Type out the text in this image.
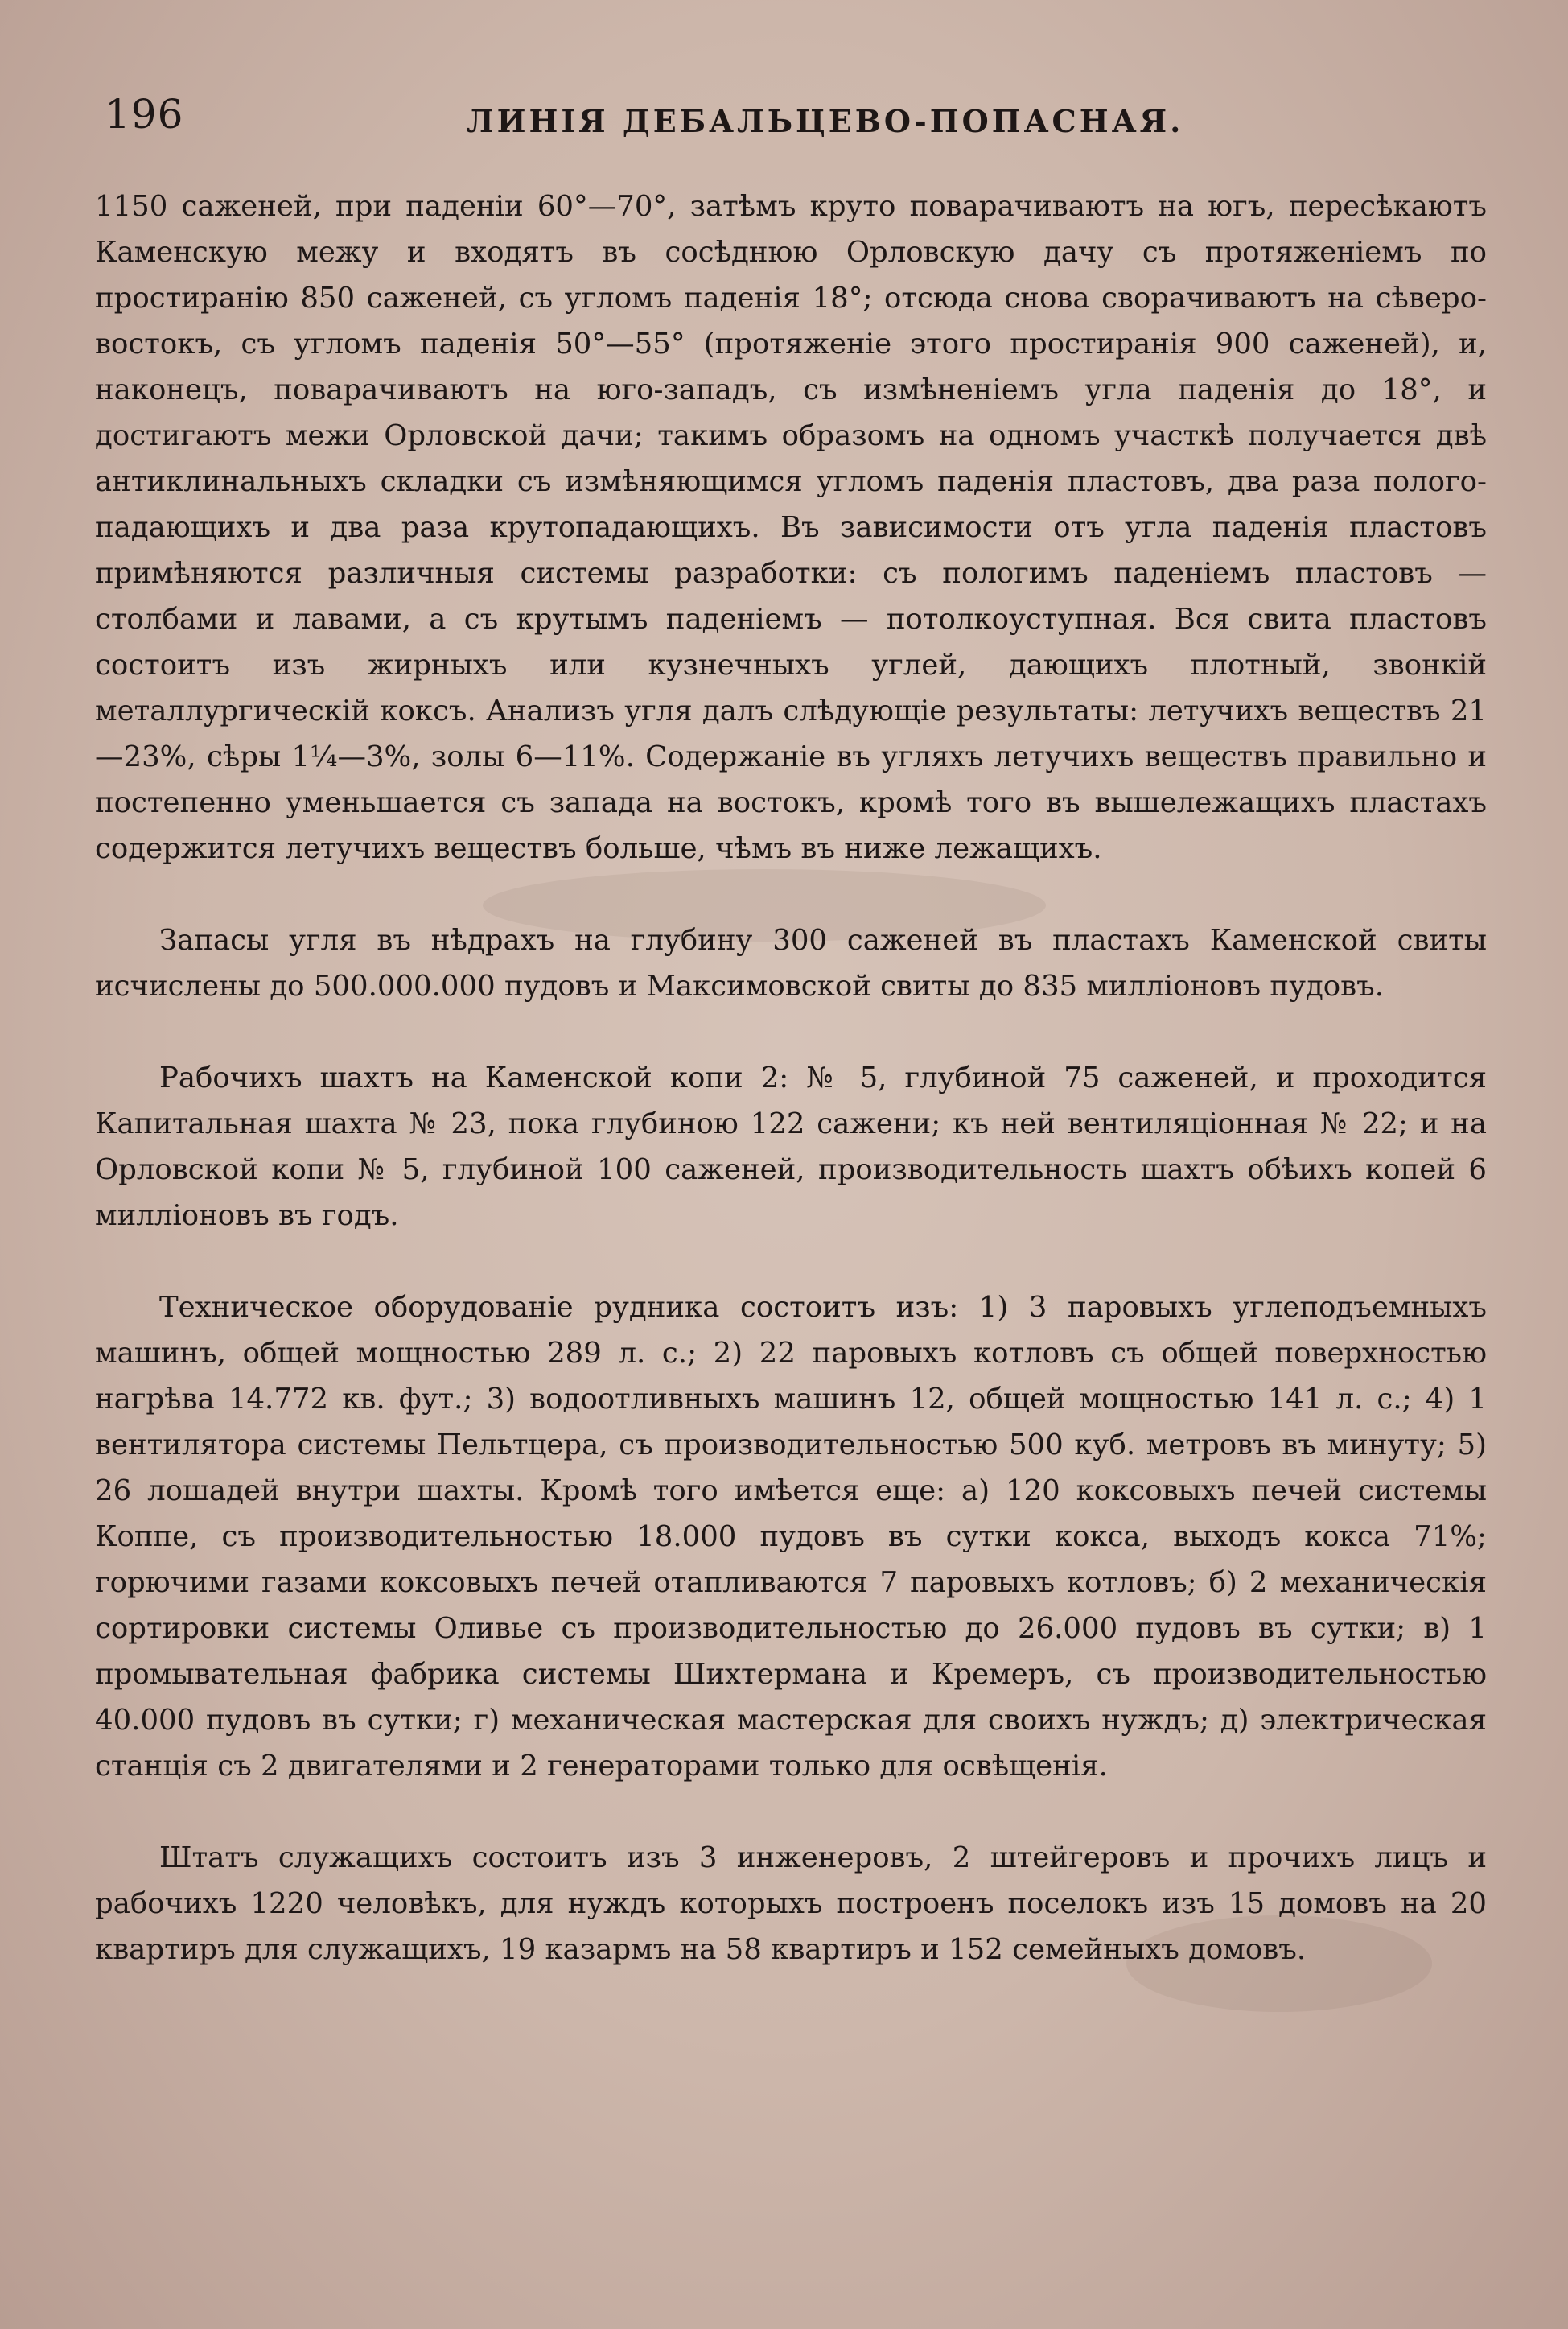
196	ЛИНІЯ ДЕБАЛЬЦЕВО-ПОПАСНАЯ.

1150 саженей, при паденіи 60°—70°, затѣмъ круто поварачиваютъ на югъ, пересѣкаютъ Каменскую межу и входятъ въ сосѣднюю Орловскую дачу съ протяженіемъ по простиранію 850 саженей, съ угломъ паденія 18°; отсюда снова сворачиваютъ на сѣверо-востокъ, съ угломъ паденія 50°—55° (протяженіе этого простиранія 900 саженей), и, наконецъ, поварачиваютъ на юго-западъ, съ измѣненіемъ угла паденія до 18°, и достигаютъ межи Орловской дачи; такимъ образомъ на одномъ участкѣ получается двѣ антиклинальныхъ складки съ измѣняющимся угломъ паденія пластовъ, два раза полого-падающихъ и два раза крутопадающихъ. Въ зависимости отъ угла паденія пластовъ примѣняются различныя системы разработки: съ пологимъ паденіемъ пластовъ — столбами и лавами, а съ крутымъ паденіемъ — потолкоуступная. Вся свита пластовъ состоитъ изъ жирныхъ или кузнечныхъ углей, дающихъ плотный, звонкій металлургическій коксъ. Анализъ угля далъ слѣдующіе результаты: летучихъ веществъ 21—23%, сѣры 1¼—3%, золы 6—11%. Содержаніе въ угляхъ летучихъ веществъ правильно и постепенно уменьшается съ запада на востокъ, кромѣ того въ вышележащихъ пластахъ содержится летучихъ веществъ больше, чѣмъ въ ниже лежащихъ.

Запасы угля въ нѣдрахъ на глубину 300 саженей въ пластахъ Каменской свиты исчислены до 500.000.000 пудовъ и Максимовской свиты до 835 милліоновъ пудовъ.

Рабочихъ шахтъ на Каменской копи 2: № 5, глубиной 75 саженей, и проходится Капитальная шахта № 23, пока глубиною 122 сажени; къ ней вентиляціонная № 22; и на Орловской копи № 5, глубиной 100 саженей, производительность шахтъ обѣихъ копей 6 милліоновъ въ годъ.

Техническое оборудованіе рудника состоитъ изъ: 1) 3 паровыхъ углеподъемныхъ машинъ, общей мощностью 289 л. с.; 2) 22 паровыхъ котловъ съ общей поверхностью нагрѣва 14.772 кв. фут.; 3) водоотливныхъ машинъ 12, общей мощностью 141 л. с.; 4) 1 вентилятора системы Пельтцера, съ производительностью 500 куб. метровъ въ минуту; 5) 26 лошадей внутри шахты. Кромѣ того имѣется еще: а) 120 коксовыхъ печей системы Коппе, съ производительностью 18.000 пудовъ въ сутки кокса, выходъ кокса 71%; горючими газами коксовыхъ печей отапливаются 7 паровыхъ котловъ; б) 2 механическія сортировки системы Оливье съ производительностью до 26.000 пудовъ въ сутки; в) 1 промывательная фабрика системы Шихтермана и Кремеръ, съ производительностью 40.000 пудовъ въ сутки; г) механическая мастерская для своихъ нуждъ; д) электрическая станція съ 2 двигателями и 2 генераторами только для освѣщенія.

Штатъ служащихъ состоитъ изъ 3 инженеровъ, 2 штейгеровъ и прочихъ лицъ и рабочихъ 1220 человѣкъ, для нуждъ которыхъ построенъ поселокъ изъ 15 домовъ на 20 квартиръ для служащихъ, 19 казармъ на 58 квартиръ и 152 семейныхъ домовъ.
